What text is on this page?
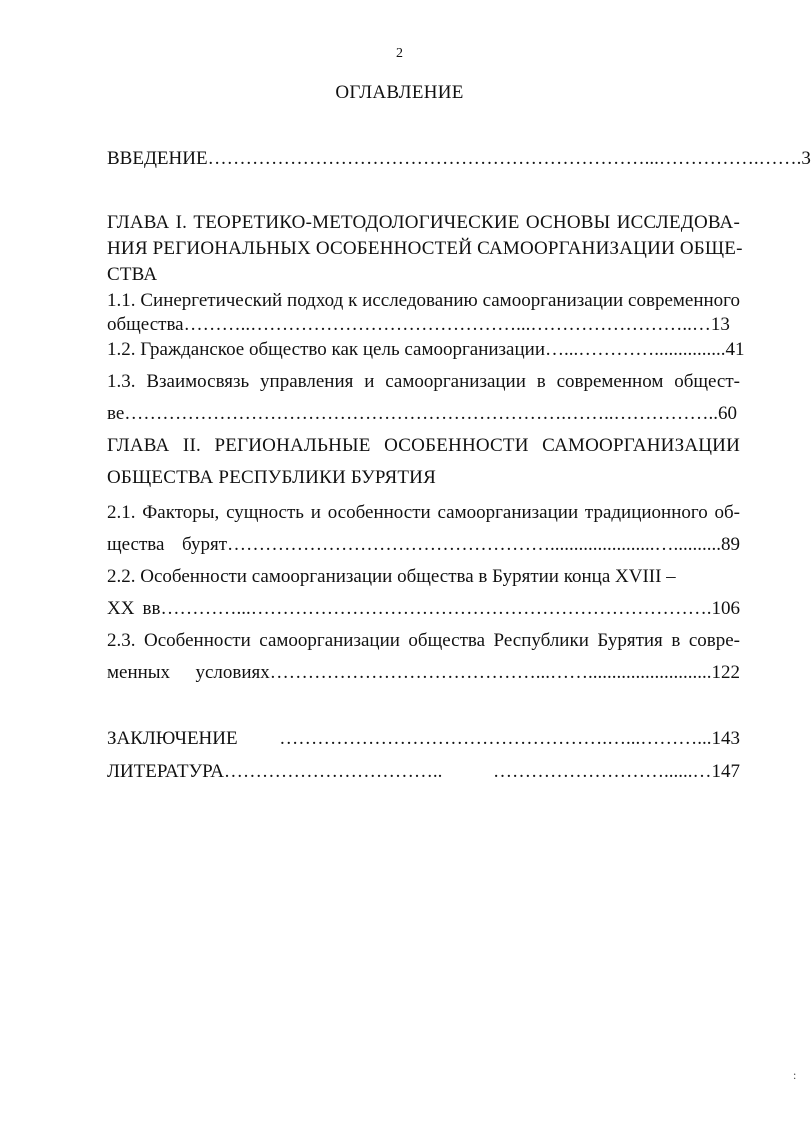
2
ОГЛАВЛЕНИЕ
ВВЕДЕНИЕ……………………………………………………………...…………….…….3
ГЛАВА I. ТЕОРЕТИКО-МЕТОДОЛОГИЧЕСКИЕ ОСНОВЫ ИССЛЕДОВА-
НИЯ РЕГИОНАЛЬНЫХ ОСОБЕННОСТЕЙ САМООРГАНИЗАЦИИ ОБЩЕ-
СТВА
1.1. Синергетический подход к исследованию самоорганизации современного
общества………..……………………………………...……………………..…13
1.2. Гражданское общество как цель самоорганизации…...…………...............41
1.3. Взаимосвязь управления и самоорганизации в современном общест-
ве…………………………………………………………….……..……………..60
ГЛАВА II. РЕГИОНАЛЬНЫЕ ОСОБЕННОСТИ САМООРГАНИЗАЦИИ
ОБЩЕСТВА РЕСПУБЛИКИ БУРЯТИЯ
2.1. Факторы, сущность и особенности самоорганизации традиционного об-
щества бурят……………………………………………......................…..........89
2.2. Особенности самоорганизации общества в Бурятии конца XVIII –
XX вв…………...……………………………………………………………….106
2.3. Особенности самоорганизации общества Республики Бурятия в совре-
менных условиях……………………………………...……..........................122
ЗАКЛЮЧЕНИЕ …………………………………………….…...………...143
ЛИТЕРАТУРА…………………………….. ………………………......…147
:
